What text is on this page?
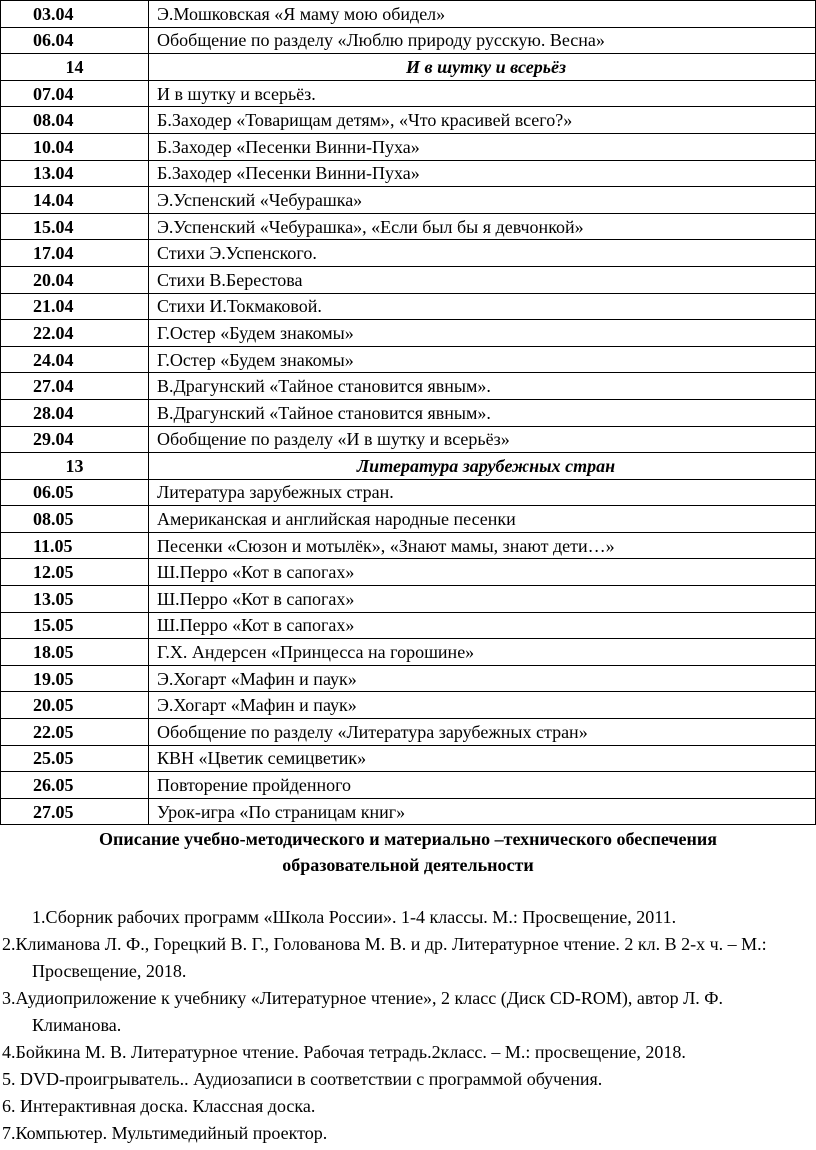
03.04	Э.Мошковская «Я маму мою обидел»
06.04	Обобщение по разделу «Люблю природу русскую. Весна»
14	И в шутку и всерьёз
07.04	И в шутку и всерьёз.
08.04	Б.Заходер «Товарищам детям», «Что красивей всего?»
10.04	Б.Заходер «Песенки Винни-Пуха»
13.04	Б.Заходер «Песенки Винни-Пуха»
14.04	Э.Успенский «Чебурашка»
15.04	Э.Успенский «Чебурашка», «Если был бы я девчонкой»
17.04	Стихи Э.Успенского.
20.04	Стихи В.Берестова
21.04	Стихи И.Токмаковой.
22.04	Г.Остер «Будем знакомы»
24.04	Г.Остер «Будем знакомы»
27.04	В.Драгунский «Тайное становится явным».
28.04	В.Драгунский «Тайное становится явным».
29.04	Обобщение по разделу «И в шутку и всерьёз»
13	Литература зарубежных стран
06.05	Литература зарубежных стран.
08.05	Американская и английская народные песенки
11.05	Песенки «Сюзон и мотылёк», «Знают мамы, знают дети…»
12.05	Ш.Перро «Кот в сапогах»
13.05	Ш.Перро «Кот в сапогах»
15.05	Ш.Перро «Кот в сапогах»
18.05	Г.Х. Андерсен «Принцесса на горошине»
19.05	Э.Хогарт «Мафин и паук»
20.05	Э.Хогарт «Мафин и паук»
22.05	Обобщение по разделу «Литература зарубежных стран»
25.05	КВН «Цветик семицветик»
26.05	Повторение пройденного
27.05	Урок-игра «По страницам книг»
Описание учебно-методического и материально –технического обеспечения
образовательной деятельности
1.Сборник рабочих программ «Школа России». 1-4 классы. М.: Просвещение, 2011.
2.Климанова Л. Ф., Горецкий В. Г., Голованова М. В. и др. Литературное чтение. 2 кл. В 2-х ч. – М.: Просвещение, 2018.
3.Аудиоприложение к учебнику «Литературное чтение», 2 класс (Диск CD-ROM), автор Л. Ф. Климанова.
4.Бойкина М. В. Литературное чтение. Рабочая тетрадь.2класс. – М.: просвещение, 2018.
5. DVD-проигрыватель.. Аудиозаписи в соответствии с программой обучения.
6. Интерактивная доска. Классная доска.
7.Компьютер. Мультимедийный проектор.
